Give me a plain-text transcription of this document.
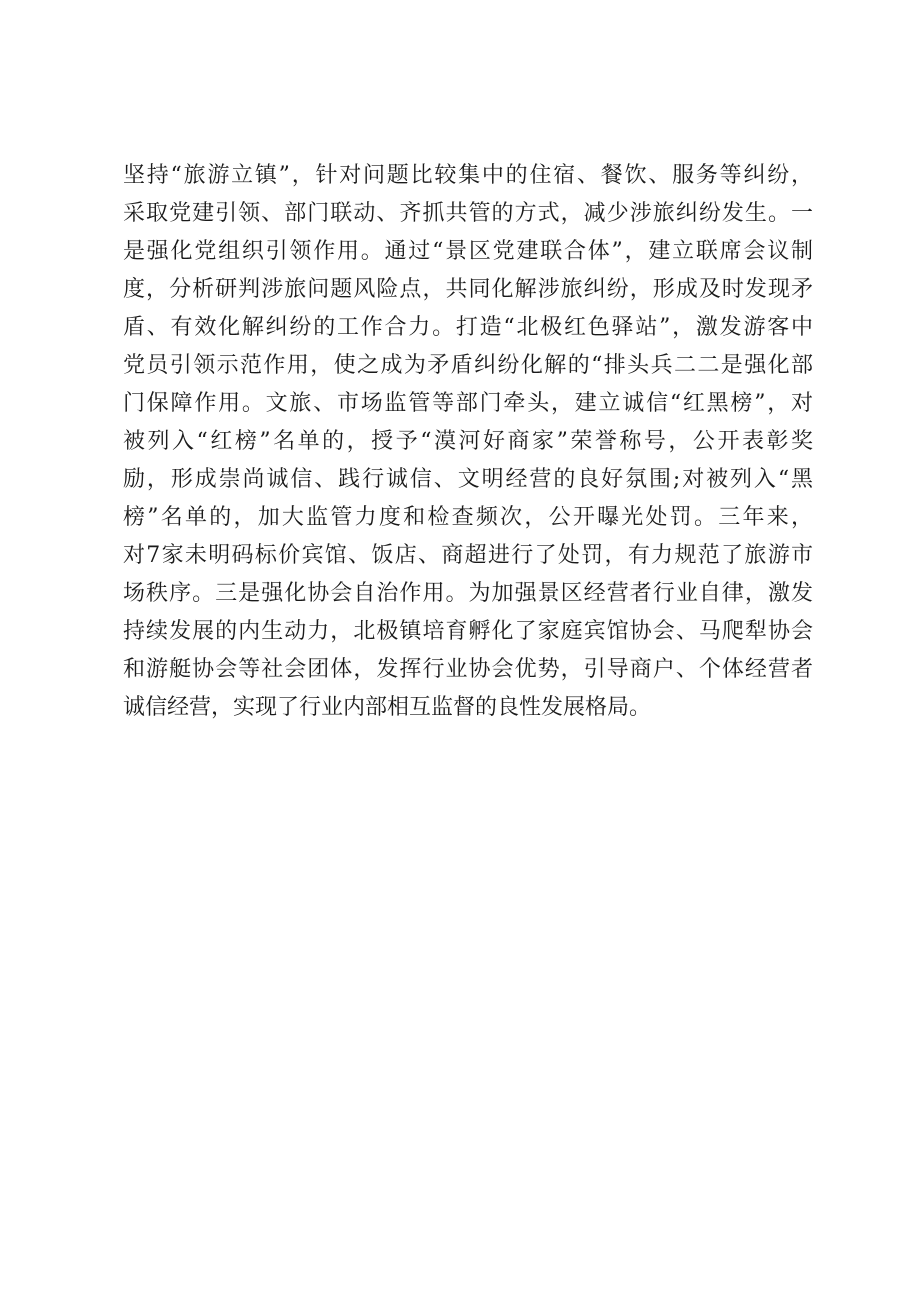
坚持“旅游立镇”，针对问题比较集中的住宿、餐饮、服务等纠纷，
采取党建引领、部门联动、齐抓共管的方式，减少涉旅纠纷发生。一
是强化党组织引领作用。通过“景区党建联合体”，建立联席会议制
度，分析研判涉旅问题风险点，共同化解涉旅纠纷，形成及时发现矛
盾、有效化解纠纷的工作合力。打造“北极红色驿站”，激发游客中
党员引领示范作用，使之成为矛盾纠纷化解的“排头兵二二是强化部
门保障作用。文旅、市场监管等部门牵头，建立诚信“红黑榜”，对
被列入“红榜”名单的，授予“漠河好商家”荣誉称号，公开表彰奖
励，形成崇尚诚信、践行诚信、文明经营的良好氛围;对被列入“黑
榜”名单的，加大监管力度和检查频次，公开曝光处罚。三年来，
对7家未明码标价宾馆、饭店、商超进行了处罚，有力规范了旅游市
场秩序。三是强化协会自治作用。为加强景区经营者行业自律，激发
持续发展的内生动力，北极镇培育孵化了家庭宾馆协会、马爬犁协会
和游艇协会等社会团体，发挥行业协会优势，引导商户、个体经营者
诚信经营，实现了行业内部相互监督的良性发展格局。
